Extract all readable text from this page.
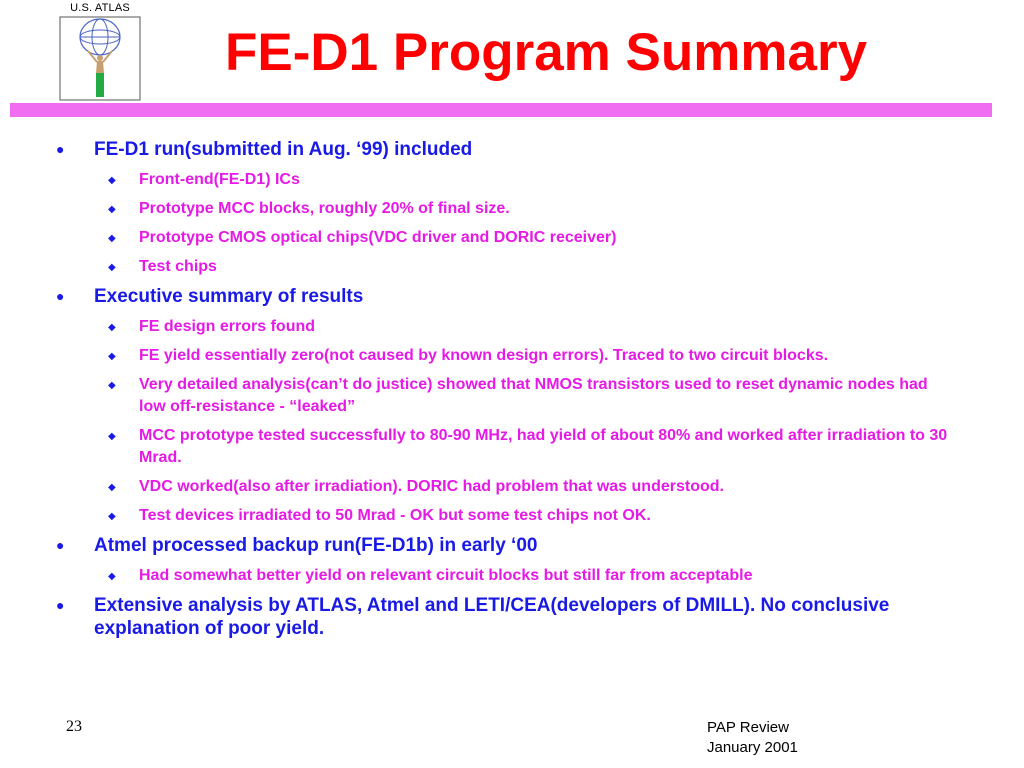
U.S. ATLAS
FE-D1 Program Summary
● FE-D1 run(submitted in Aug. ‘99) included
◆ Front-end(FE-D1) ICs
◆ Prototype MCC blocks, roughly 20% of final size.
◆ Prototype CMOS optical chips(VDC driver and DORIC receiver)
◆ Test chips
● Executive summary of results
◆ FE design errors found
◆ FE yield essentially zero(not caused by known design errors). Traced to two circuit blocks.
◆ Very detailed analysis(can’t do justice) showed that NMOS transistors used to reset dynamic nodes had low off-resistance - “leaked”
◆ MCC prototype tested successfully to 80-90 MHz, had yield of about 80% and worked after irradiation to 30 Mrad.
◆ VDC worked(also after irradiation). DORIC had problem that was understood.
◆ Test devices irradiated to 50 Mrad - OK but some test chips not OK.
● Atmel processed backup run(FE-D1b) in early ‘00
◆ Had somewhat better yield on relevant circuit blocks but still far from acceptable
● Extensive analysis by ATLAS, Atmel and LETI/CEA(developers of DMILL). No conclusive explanation of poor yield.
23	PAP Review
January 2001
